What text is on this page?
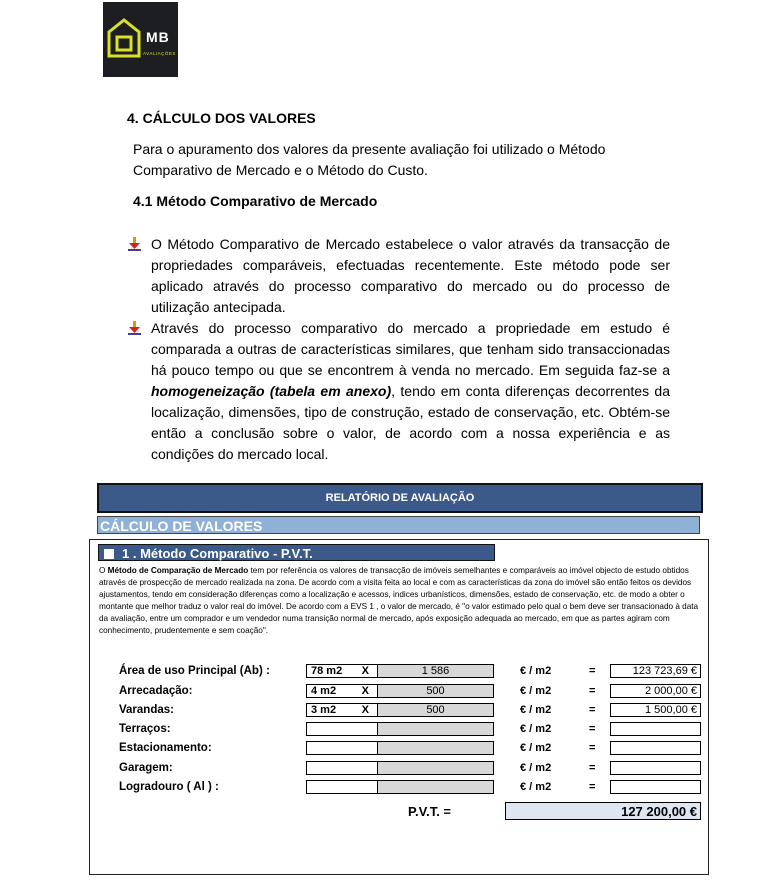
MB
AVALIAÇÕES
4. CÁLCULO DOS VALORES
Para o apuramento dos valores da presente avaliação foi utilizado o Método
Comparativo de Mercado e o Método do Custo.
4.1 Método Comparativo de Mercado
O Método Comparativo de Mercado estabelece o valor através da transacção de propriedades comparáveis, efectuadas recentemente. Este método pode ser aplicado através do processo comparativo do mercado ou do processo de utilização antecipada.
Através do processo comparativo do mercado a propriedade em estudo é comparada a outras de características similares, que tenham sido transaccionadas há pouco tempo ou que se encontrem à venda no mercado. Em seguida faz-se a homogeneização (tabela em anexo), tendo em conta diferenças decorrentes da localização, dimensões, tipo de construção, estado de conservação, etc. Obtém-se então a conclusão sobre o valor, de acordo com a nossa experiência e as condições do mercado local.
RELATÓRIO DE AVALIAÇÃO
CÁLCULO DE VALORES
1 . Método Comparativo - P.V.T.
O Método de Comparação de Mercado tem por referência os valores de transacção de imóveis semelhantes e comparáveis ao imóvel objecto de estudo obtidos através de prospecção de mercado realizada na zona. De acordo com a visita feita ao local e com as características da zona do imóvel são então feitos os devidos ajustamentos, tendo em consideração diferenças como a localização e acessos, indices urbanísticos, dimensões, estado de conservação, etc. de modo a obter o montante que melhor traduz o valor real do imóvel. De acordo com a EVS 1 , o valor de mercado, é "o valor estimado pelo qual o bem deve ser transacionado à data da avaliação, entre um comprador e um vendedor numa transição normal de mercado, após exposição adequada ao mercado, em que as partes agiram com conhecimento, prudentemente e sem coação".
Área de uso Principal (Ab) :	78 m2 X	1 586	€ / m2	=	123 723,69 €
Arrecadação:	4 m2 X	500	€ / m2	=	2 000,00 €
Varandas:	3 m2 X	500	€ / m2	=	1 500,00 €
Terraços:	€ / m2	=
Estacionamento:	€ / m2	=
Garagem:	€ / m2	=
Logradouro ( Al ) :	€ / m2	=
P.V.T. =	127 200,00 €
